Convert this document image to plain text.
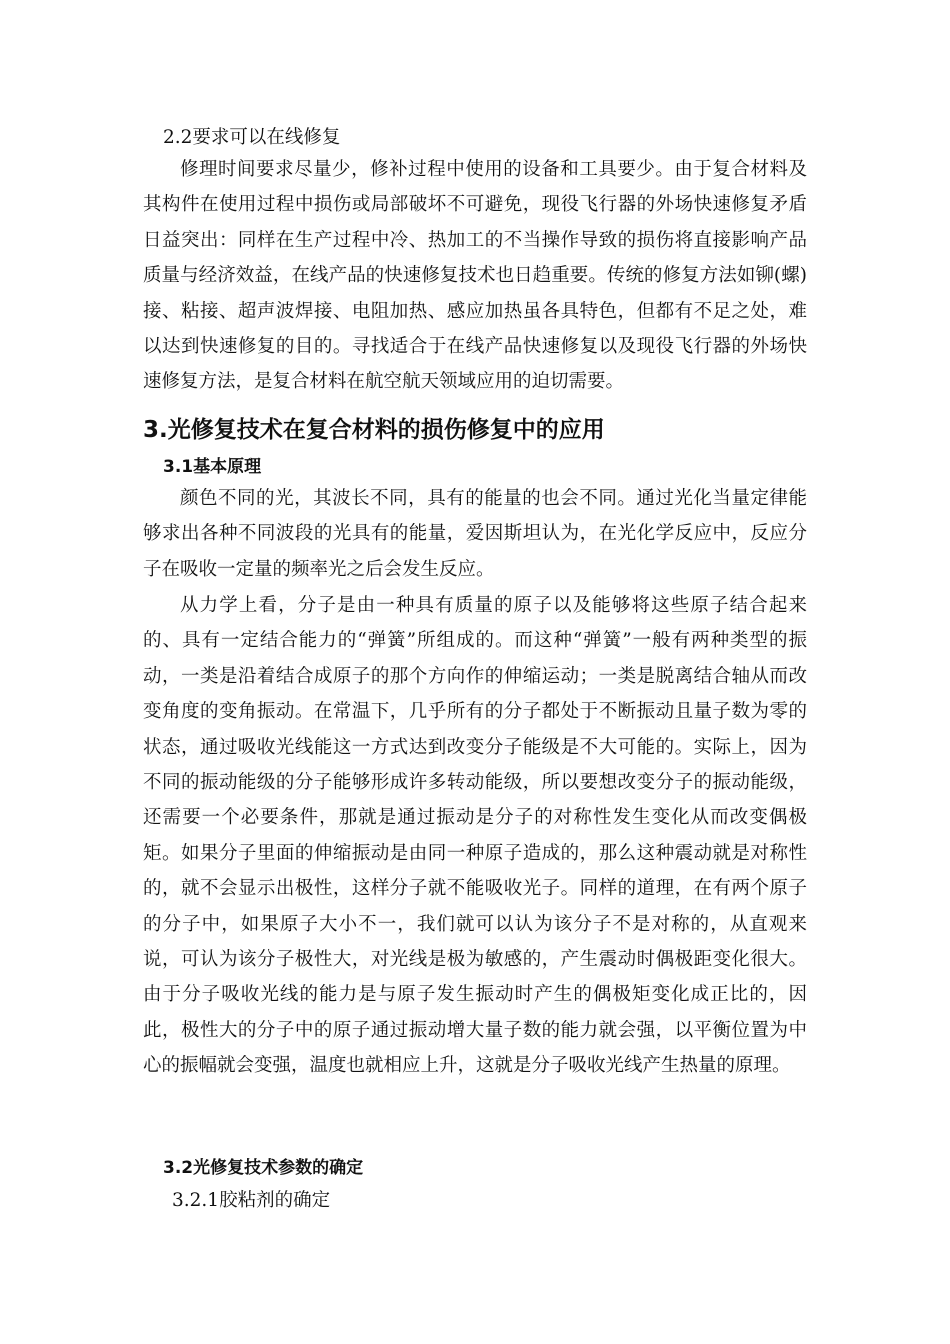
2.2要求可以在线修复

修理时间要求尽量少，修补过程中使用的设备和工具要少。由于复合材料及其构件在使用过程中损伤或局部破坏不可避免，现役飞行器的外场快速修复矛盾日益突出：同样在生产过程中冷、热加工的不当操作导致的损伤将直接影响产品质量与经济效益，在线产品的快速修复技术也日趋重要。传统的修复方法如铆(螺)接、粘接、超声波焊接、电阻加热、感应加热虽各具特色，但都有不足之处，难以达到快速修复的目的。寻找适合于在线产品快速修复以及现役飞行器的外场快速修复方法，是复合材料在航空航天领域应用的迫切需要。

3.光修复技术在复合材料的损伤修复中的应用
3.1基本原理

颜色不同的光，其波长不同，具有的能量的也会不同。通过光化当量定律能够求出各种不同波段的光具有的能量，爱因斯坦认为，在光化学反应中，反应分子在吸收一定量的频率光之后会发生反应。

从力学上看，分子是由一种具有质量的原子以及能够将这些原子结合起来的、具有一定结合能力的“弹簧”所组成的。而这种“弹簧”一般有两种类型的振动，一类是沿着结合成原子的那个方向作的伸缩运动；一类是脱离结合轴从而改变角度的变角振动。在常温下，几乎所有的分子都处于不断振动且量子数为零的状态，通过吸收光线能这一方式达到改变分子能级是不大可能的。实际上，因为不同的振动能级的分子能够形成许多转动能级，所以要想改变分子的振动能级，还需要一个必要条件，那就是通过振动是分子的对称性发生变化从而改变偶极矩。如果分子里面的伸缩振动是由同一种原子造成的，那么这种震动就是对称性的，就不会显示出极性，这样分子就不能吸收光子。同样的道理，在有两个原子的分子中，如果原子大小不一，我们就可以认为该分子不是对称的，从直观来说，可认为该分子极性大，对光线是极为敏感的，产生震动时偶极距变化很大。由于分子吸收光线的能力是与原子发生振动时产生的偶极矩变化成正比的，因此，极性大的分子中的原子通过振动增大量子数的能力就会强，以平衡位置为中心的振幅就会变强，温度也就相应上升，这就是分子吸收光线产生热量的原理。

3.2光修复技术参数的确定
3.2.1胶粘剂的确定
